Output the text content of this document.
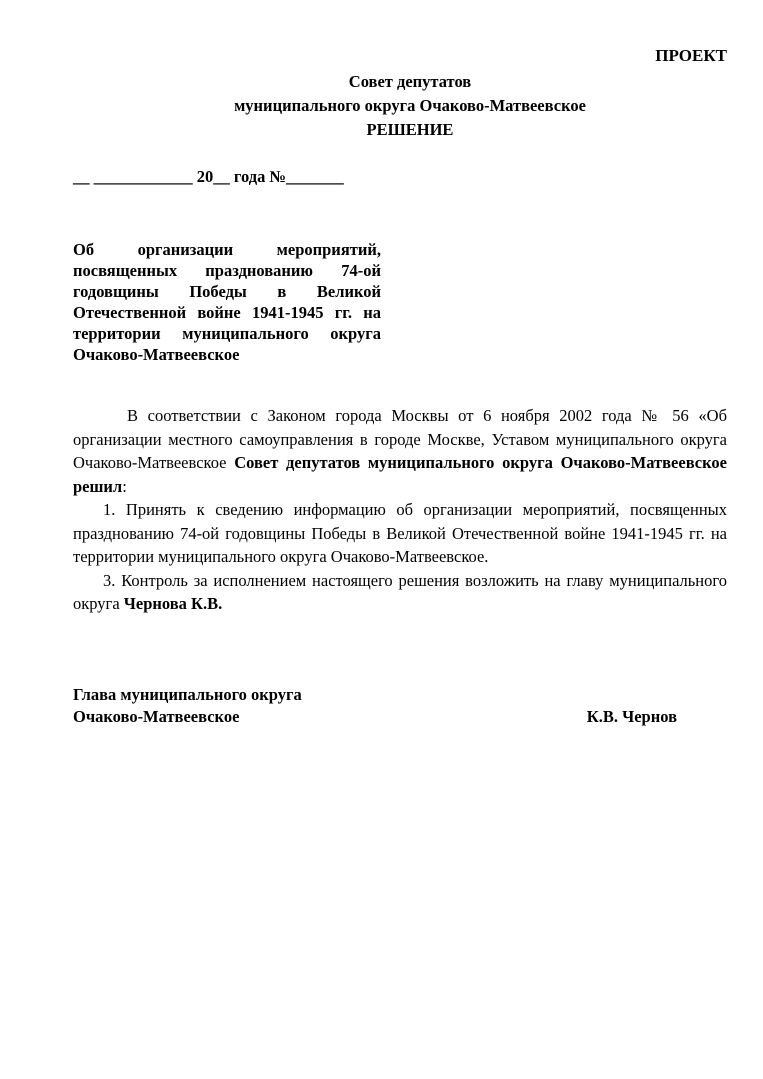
ПРОЕКТ
Совет депутатов
муниципального округа Очаково-Матвеевское
РЕШЕНИЕ
__ ____________ 20__ года №_______
Об организации мероприятий, посвященных празднованию 74-ой годовщины Победы в Великой Отечественной войне 1941-1945 гг. на территории муниципального округа Очаково-Матвеевское

В соответствии с Законом города Москвы от 6 ноября 2002 года № 56 «Об организации местного самоуправления в городе Москве, Уставом муниципального округа Очаково-Матвеевское Совет депутатов муниципального округа Очаково-Матвеевское решил:

1. Принять к сведению информацию об организации мероприятий, посвященных празднованию 74-ой годовщины Победы в Великой Отечественной войне 1941-1945 гг. на территории муниципального округа Очаково-Матвеевское.

3. Контроль за исполнением настоящего решения возложить на главу муниципального округа Чернова К.В.

Глава муниципального округа
Очаково-Матвеевское	К.В. Чернов
